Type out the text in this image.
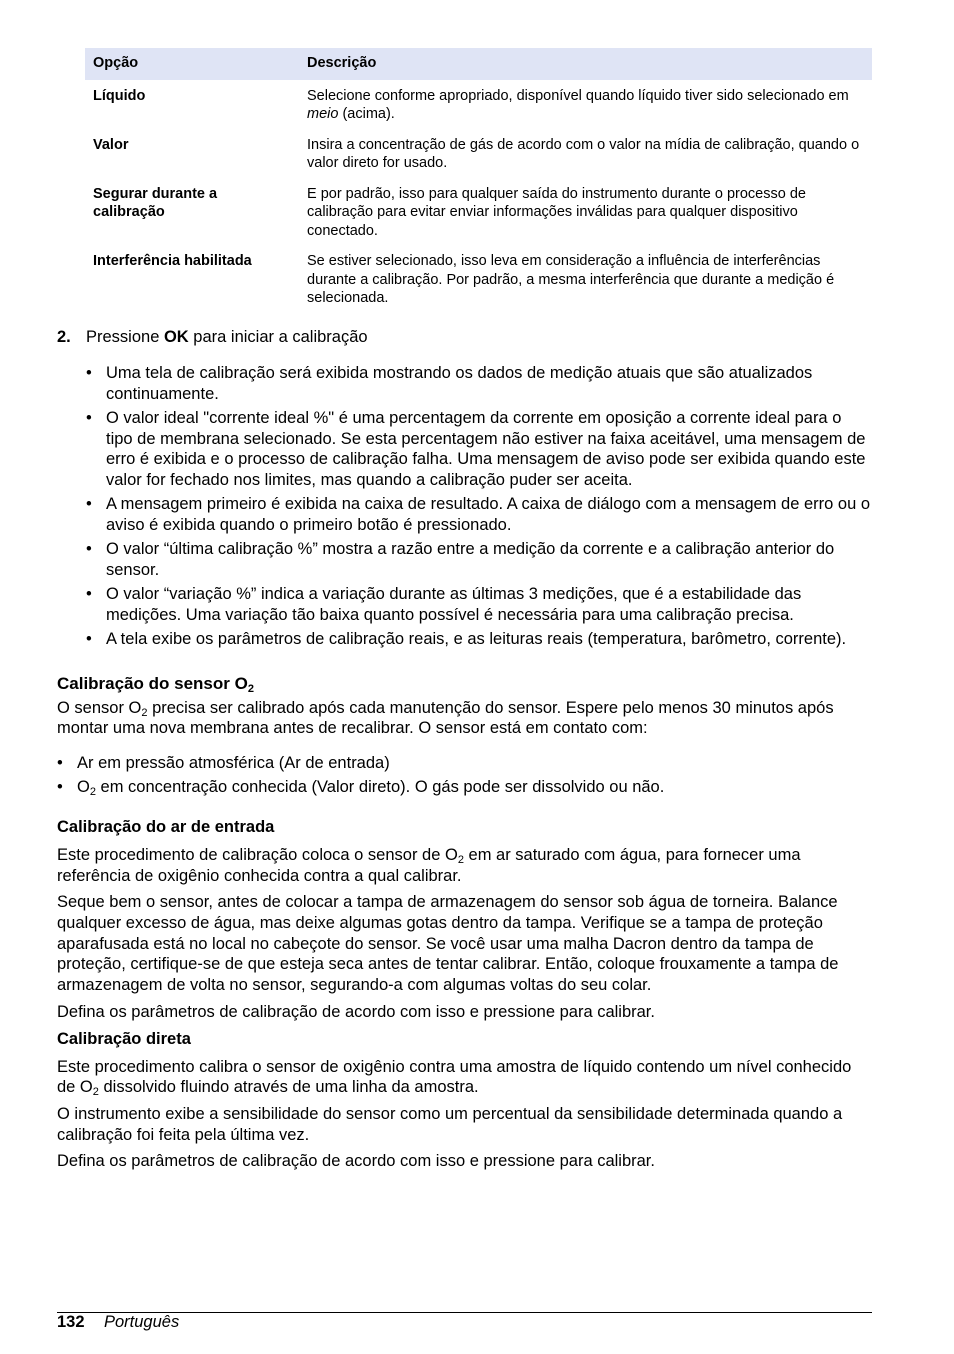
Opção	Descrição
Líquido	Selecione conforme apropriado, disponível quando líquido tiver sido selecionado em meio (acima).
Valor	Insira a concentração de gás de acordo com o valor na mídia de calibração, quando o valor direto for usado.
Segurar durante a calibração	E por padrão, isso para qualquer saída do instrumento durante o processo de calibração para evitar enviar informações inválidas para qualquer dispositivo conectado.
Interferência habilitada	Se estiver selecionado, isso leva em consideração a influência de interferências durante a calibração. Por padrão, a mesma interferência que durante a medição é selecionada.
2. Pressione OK para iniciar a calibração
• Uma tela de calibração será exibida mostrando os dados de medição atuais que são atualizados continuamente.
• O valor ideal "corrente ideal %" é uma percentagem da corrente em oposição a corrente ideal para o tipo de membrana selecionado. Se esta percentagem não estiver na faixa aceitável, uma mensagem de erro é exibida e o processo de calibração falha. Uma mensagem de aviso pode ser exibida quando este valor for fechado nos limites, mas quando a calibração puder ser aceita.
• A mensagem primeiro é exibida na caixa de resultado. A caixa de diálogo com a mensagem de erro ou o aviso é exibida quando o primeiro botão é pressionado.
• O valor “última calibração %” mostra a razão entre a medição da corrente e a calibração anterior do sensor.
• O valor “variação %” indica a variação durante as últimas 3 medições, que é a estabilidade das medições. Uma variação tão baixa quanto possível é necessária para uma calibração precisa.
• A tela exibe os parâmetros de calibração reais, e as leituras reais (temperatura, barômetro, corrente).
Calibração do sensor $O_2$

O sensor $O_2$ precisa ser calibrado após cada manutenção do sensor. Espere pelo menos 30 minutos após montar uma nova membrana antes de recalibrar. O sensor está em contato com:

• Ar em pressão atmosférica (Ar de entrada)
• $O_2$ em concentração conhecida (Valor direto). O gás pode ser dissolvido ou não.
Calibração do ar de entrada

Este procedimento de calibração coloca o sensor de $O_2$ em ar saturado com água, para fornecer uma referência de oxigênio conhecida contra a qual calibrar.

Seque bem o sensor, antes de colocar a tampa de armazenagem do sensor sob água de torneira. Balance qualquer excesso de água, mas deixe algumas gotas dentro da tampa. Verifique se a tampa de proteção aparafusada está no local no cabeçote do sensor. Se você usar uma malha Dacron dentro da tampa de proteção, certifique-se de que esteja seca antes de tentar calibrar. Então, coloque frouxamente a tampa de armazenagem de volta no sensor, segurando-a com algumas voltas do seu colar.

Defina os parâmetros de calibração de acordo com isso e pressione para calibrar.

Calibração direta

Este procedimento calibra o sensor de oxigênio contra uma amostra de líquido contendo um nível conhecido de $O_2$ dissolvido fluindo através de uma linha da amostra.

O instrumento exibe a sensibilidade do sensor como um percentual da sensibilidade determinada quando a calibração foi feita pela última vez.

Defina os parâmetros de calibração de acordo com isso e pressione para calibrar.

132 Português
